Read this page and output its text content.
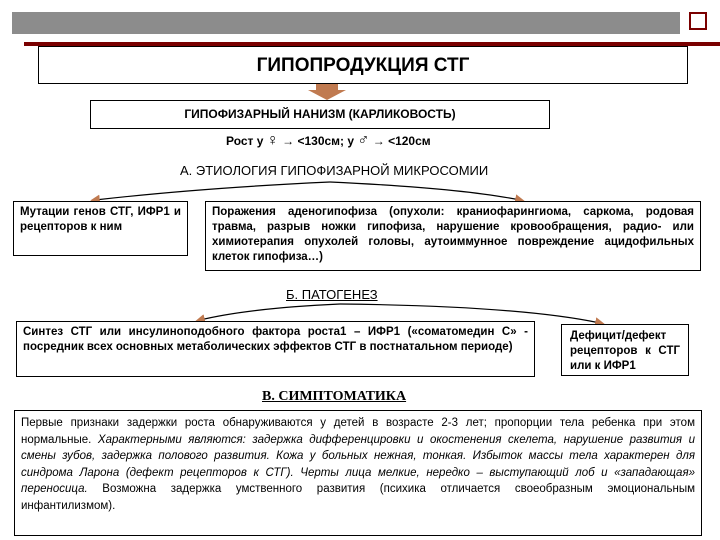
ГИПОПРОДУКЦИЯ СТГ
ГИПОФИЗАРНЫЙ НАНИЗМ (КАРЛИКОВОСТЬ)
Рост у ♀ → <130см; у ♂ → <120см
А. ЭТИОЛОГИЯ ГИПОФИЗАРНОЙ МИКРОСОМИИ
Мутации генов СТГ, ИФР1 и рецепторов к ним
Поражения аденогипофиза (опухоли: краниофарингиома, саркома, родовая травма, разрыв ножки гипофиза, нарушение кровообращения, радио- или химиотерапия опухолей головы, аутоиммунное повреждение ацидофильных клеток гипофиза…)
Б. ПАТОГЕНЕЗ
Синтез СТГ или инсулиноподобного фактора роста1 – ИФР1 («соматомедин С» - посредник всех основных метаболических эффектов СТГ в постнатальном периоде)
Дефицит/дефект рецепторов к СТГ или к ИФР1
В. СИМПТОМАТИКА
Первые признаки задержки роста обнаруживаются у детей в возрасте 2-3 лет; пропорции тела ребенка при этом нормальные. Характерными являются: задержка дифференцировки и окостенения скелета, нарушение развития и смены зубов, задержка полового развития. Кожа у больных нежная, тонкая. Избыток массы тела характерен для синдрома Ларона (дефект рецепторов к СТГ). Черты лица мелкие, нередко – выступающий лоб и «западающая» переносица. Возможна задержка умственного развития (психика отличается своеобразным эмоциональным инфантилизмом).
